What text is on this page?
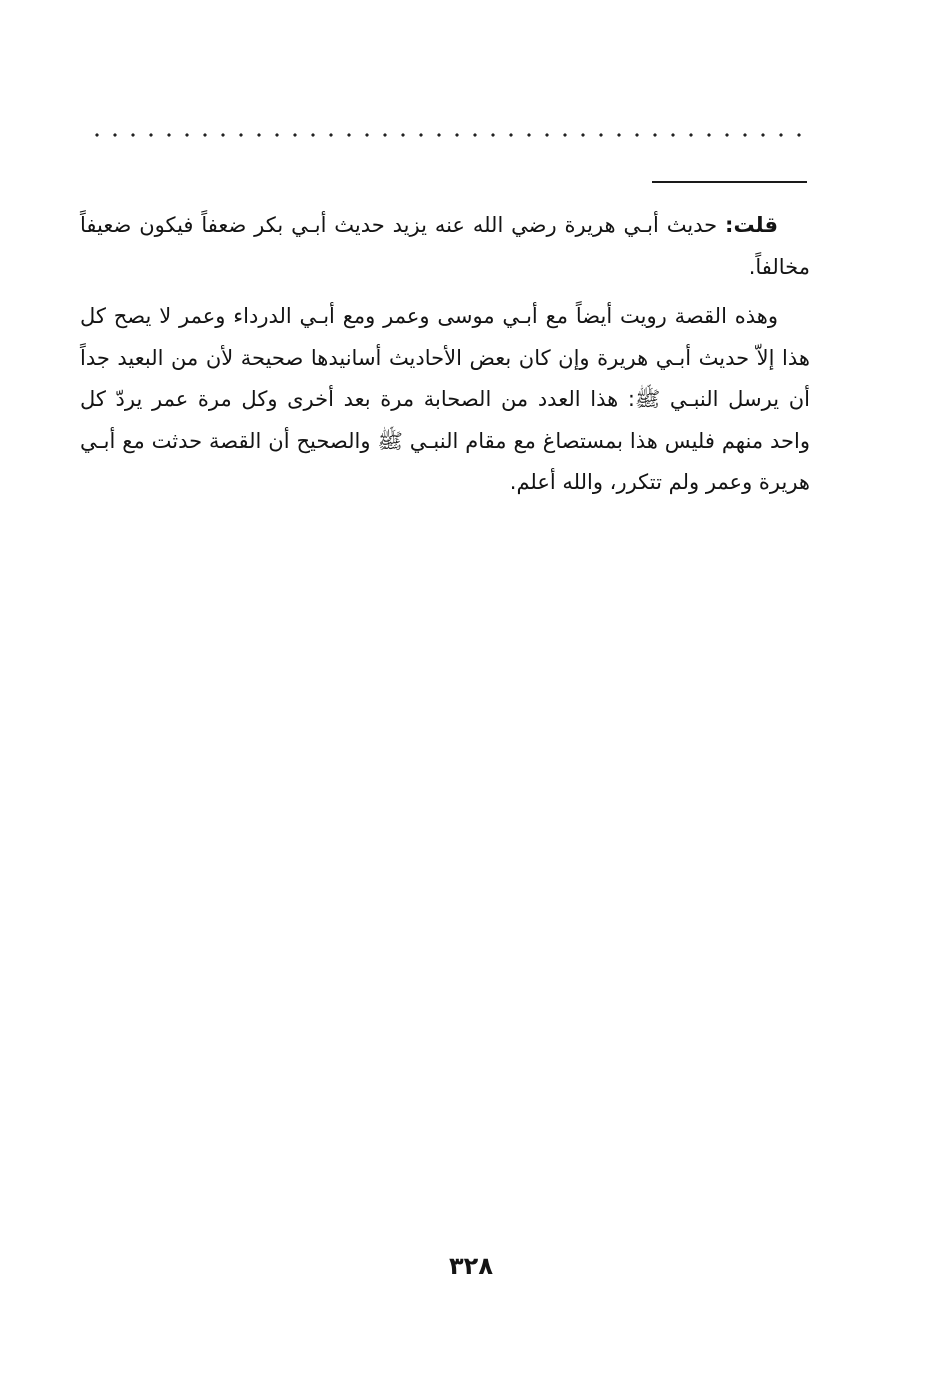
قلت: حديث أبـي هريرة رضي الله عنه يزيد حديث أبـي بكر ضعفاً فيكون ضعيفاً مخالفاً.

وهذه القصة رويت أيضاً مع أبـي موسى وعمر ومع أبـي الدرداء وعمر لا يصح كل هذا إلاّ حديث أبـي هريرة وإن كان بعض الأحاديث أسانيدها صحيحة لأن من البعيد جداً أن يرسل النبـي ﷺ: هذا العدد من الصحابة مرة بعد أخرى وكل مرة عمر يردّ كل واحد منهم فليس هذا بمستصاغ مع مقام النبـي ﷺ والصحيح أن القصة حدثت مع أبـي هريرة وعمر ولم تتكرر، والله أعلم.

٣٢٨
